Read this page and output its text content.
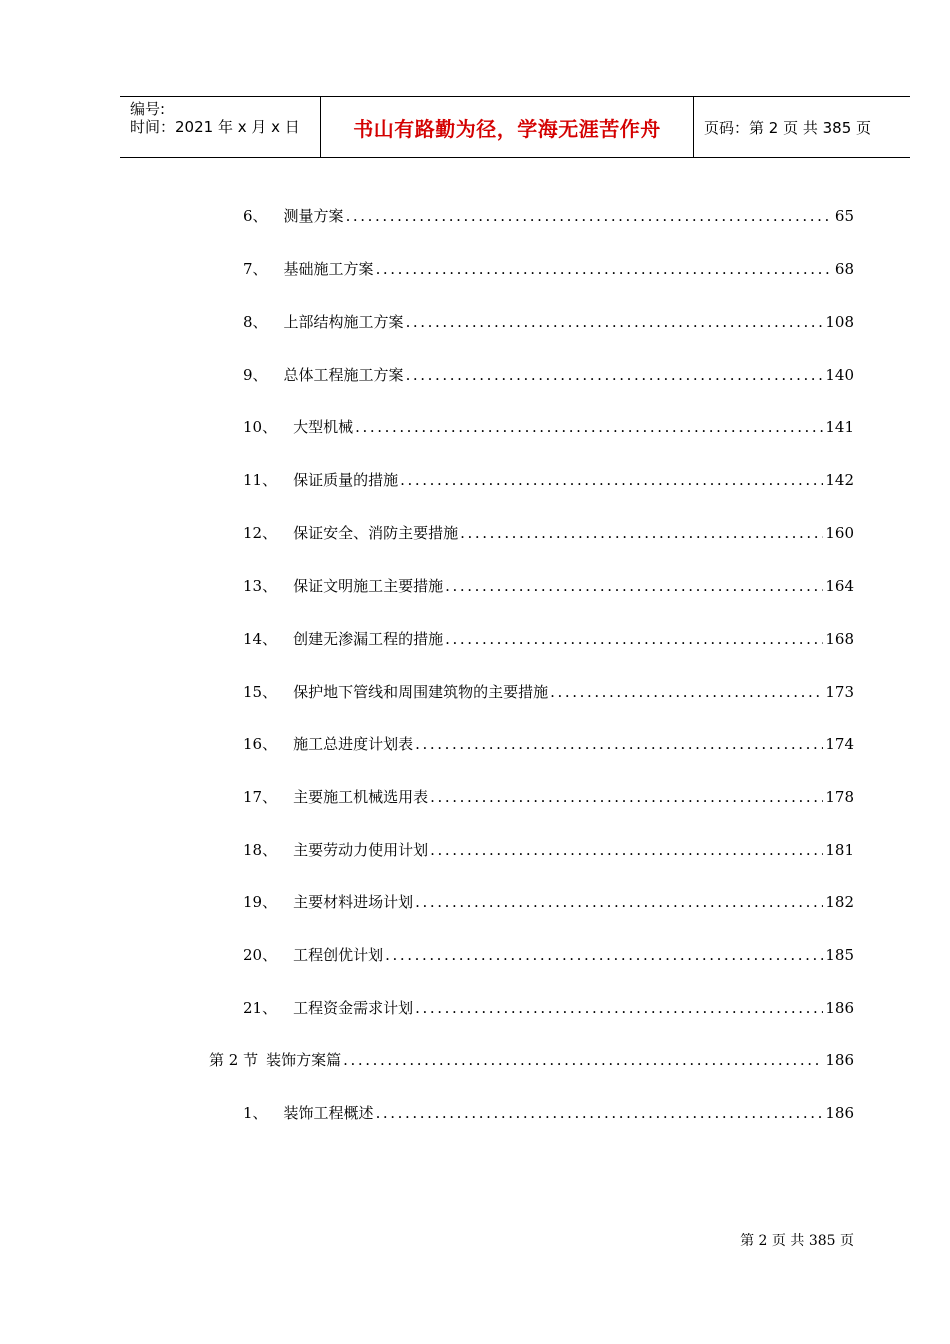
编号:
时间：2021 年 x 月 x 日	书山有路勤为径，学海无涯苦作舟	页码：第 2 页 共 385 页
6、 测量方案 .....	65
7、 基础施工方案 .....	68
8、 上部结构施工方案 .....	108
9、 总体工程施工方案 .....	140
10、 大型机械 .....	141
11、 保证质量的措施 .....	142
12、 保证安全、消防主要措施 .....	160
13、 保证文明施工主要措施 .....	164
14、 创建无渗漏工程的措施 .....	168
15、 保护地下管线和周围建筑物的主要措施 .....	173
16、 施工总进度计划表 .....	174
17、 主要施工机械选用表 .....	178
18、 主要劳动力使用计划 .....	181
19、 主要材料进场计划 .....	182
20、 工程创优计划 .....	185
21、 工程资金需求计划 .....	186
第 2 节 装饰方案篇 .....	186
1、 装饰工程概述 .....	186
第 2 页 共 385 页
